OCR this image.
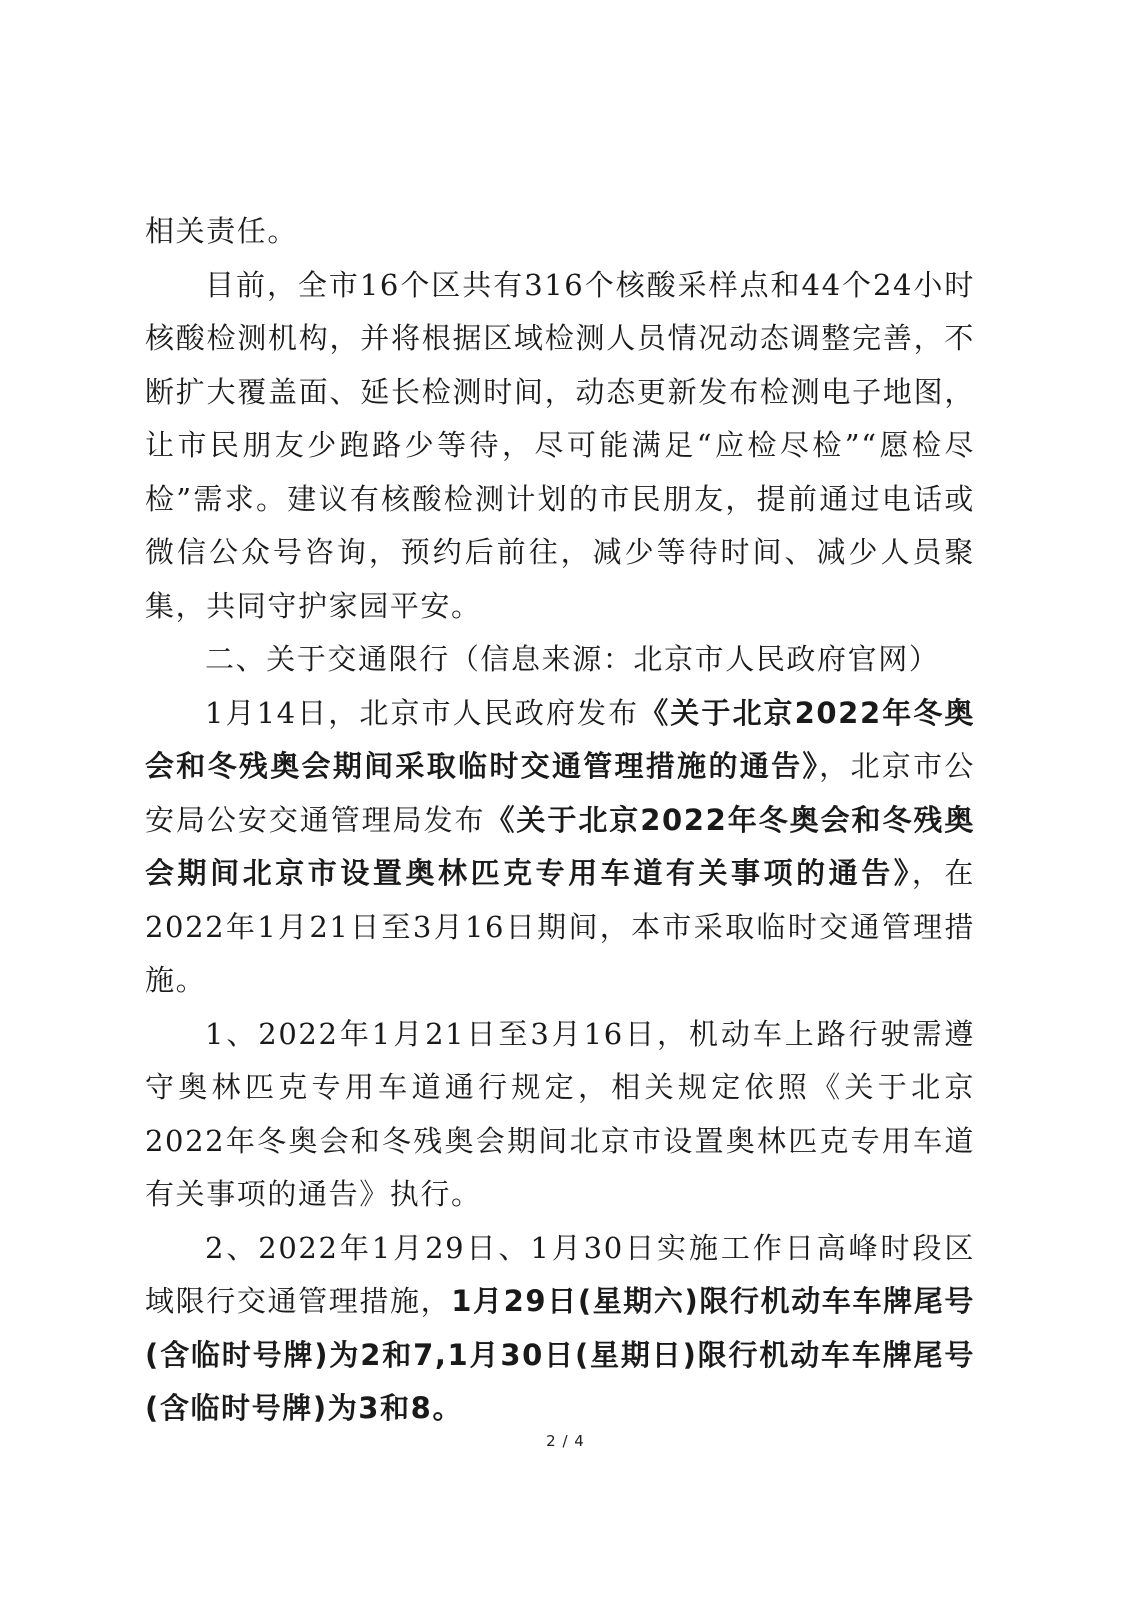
相关责任。

目前，全市16个区共有316个核酸采样点和44个24小时核酸检测机构，并将根据区域检测人员情况动态调整完善，不断扩大覆盖面、延长检测时间，动态更新发布检测电子地图，让市民朋友少跑路少等待，尽可能满足“应检尽检”“愿检尽检”需求。建议有核酸检测计划的市民朋友，提前通过电话或微信公众号咨询，预约后前往，减少等待时间、减少人员聚集，共同守护家园平安。

二、关于交通限行（信息来源：北京市人民政府官网）

1月14日，北京市人民政府发布《关于北京2022年冬奥会和冬残奥会期间采取临时交通管理措施的通告》，北京市公安局公安交通管理局发布《关于北京2022年冬奥会和冬残奥会期间北京市设置奥林匹克专用车道有关事项的通告》，在2022年1月21日至3月16日期间，本市采取临时交通管理措施。

1、2022年1月21日至3月16日，机动车上路行驶需遵守奥林匹克专用车道通行规定，相关规定依照《关于北京2022年冬奥会和冬残奥会期间北京市设置奥林匹克专用车道有关事项的通告》执行。

2、2022年1月29日、1月30日实施工作日高峰时段区域限行交通管理措施，1月29日(星期六)限行机动车车牌尾号(含临时号牌)为2和7,1月30日(星期日)限行机动车车牌尾号(含临时号牌)为3和8。

2 / 4
